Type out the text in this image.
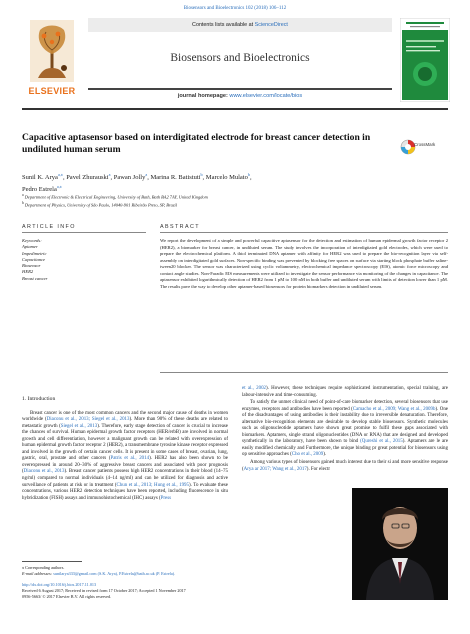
Biosensors and Bioelectronics 102 (2018) 106–112
ELSEVIER
Contents lists available at ScienceDirect
Biosensors and Bioelectronics
journal homepage: www.elsevier.com/locate/bios
Capacitive aptasensor based on interdigitated electrode for breast cancer detection in undiluted human serum	CrossMark
Sunil K. Arya$^{a,⁎}$, Pavel Zhurauski$^a$, Pawan Jolly$^a$, Marina R. Batistuti$^b$, Marcelo Mulato$^b$,
Pedro Estrela$^{a,⁎}$
$^a$ Department of Electronic & Electrical Engineering, University of Bath, Bath BA2 7AY, United Kingdom
$^b$ Department of Physics, University of São Paulo, 14040-901 Ribeirão Preto, SP, Brazil
ARTICLE INFO	ABSTRACT
Keywords:
Aptamer
Impedimetric
Capacitance
Biosensor
HER2
Breast cancer
We report the development of a simple and powerful capacitive aptasensor for the detection and estimation of human epidermal growth factor receptor 2 (HER2), a biomarker for breast cancer, in undiluted serum. The study involves the incorporation of interdigitated gold electrodes, which were used to prepare the electrochemical platform. A thiol terminated DNA aptamer with affinity for HER2 was used to prepare the bio-recognition layer via self-assembly on interdigitated gold surfaces. Non-specific binding was prevented by blocking free spaces on surface via starting block phosphate buffer saline-tween20 blocker. The sensor was characterized using cyclic voltammetry, electrochemical impedance spectroscopy (EIS), atomic force microscopy and contact angle studies. Non-Faradic EIS measurements were utilized to investigate the sensor performance via monitoring of the changes in capacitance. The aptasensor exhibited logarithmically detection of HER2 from 1 pM to 100 nM in both buffer and undiluted serum with limits of detection lower than 1 pM. The results pave the way to develop other aptamer-based biosensors for protein biomarkers detection in undiluted serum.
1. Introduction

Breast cancer is one of the most common cancers and the second major cause of deaths in women worldwide (Diaconu et al., 2013; Siegel et al., 2013). More than 90% of these deaths are related to metastatic growth (Siegel et al., 2013). Therefore, early stage detection of cancer is crucial to increase the chances of survival. Human epidermal growth factor receptors (HER/erbB) are involved in normal growth and cell differentiation, however a malignant growth can be related with overexpression of human epidermal growth factor receptor 2 (HER2), a transmembrane tyrosine kinase receptor expressed and involved in the growth of certain cancer cells. It is present in some cases of breast, ovarian, lung, gastric, oral, prostate and other cancers (Patris et al., 2014). HER2 has also been shown to be overexpressed in around 20–30% of aggressive breast cancers and associated with poor prognosis (Diaconu et al., 2013). Breast cancer patients possess high HER2 concentrations in their blood (14–75 ng/ml) compared to normal individuals (4–14 ng/ml) and can be utilized for diagnosis and active surveillance of patients at risk or in treatment (Chun et al., 2013; Hung et al., 1995). To evaluate these concentrations, various HER2 detection techniques have been reported, including fluorescence in situ hybridization (FISH) assays and immunohistochemical (IHC) assays (Press

et al., 2002). However, these techniques require sophisticated instrumentation, special training, are labour-intensive and time-consuming.

To satisfy the unmet clinical need of point-of-care biomarker detection, several biosensors that use enzymes, receptors and antibodies have been reported (Camacho et al., 2009; Wang et al., 2009b). One of the disadvantages of using antibodies is their instability due to irreversible denaturation. Therefore, alternative bio-recognition elements are desirable to develop stable biosensors. Synthetic molecules such as oligonucleotide aptamers have shown great promise to fulfil these gaps associated with biomarkers. Aptamers, single strand oligonucleotides (DNA or RNA) that are designed and developed synthetically in the laboratory, have been shown to bind (Qureshi et al., 2015). Aptamers are le are easily modified chemically and Furthermore, the unique binding pr great potential for biosensors using op sensitive approaches (Cho et al., 2009).

Among various types of biosensors gained much interest due to their si and more sensitive response (Arya ar 2017; Wang et al., 2017). For electr

⁎ Corresponding authors.
E-mail addresses: sunilarya333@gmail.com (S.K. Arya), P.Estrela@bath.ac.uk (P. Estrela).
http://dx.doi.org/10.1016/j.bios.2017.11.013
Received 6 August 2017; Received in revised form 17 October 2017; Accepted 1 November 2017
0956-5663/ © 2017 Elsevier B.V. All rights reserved.
